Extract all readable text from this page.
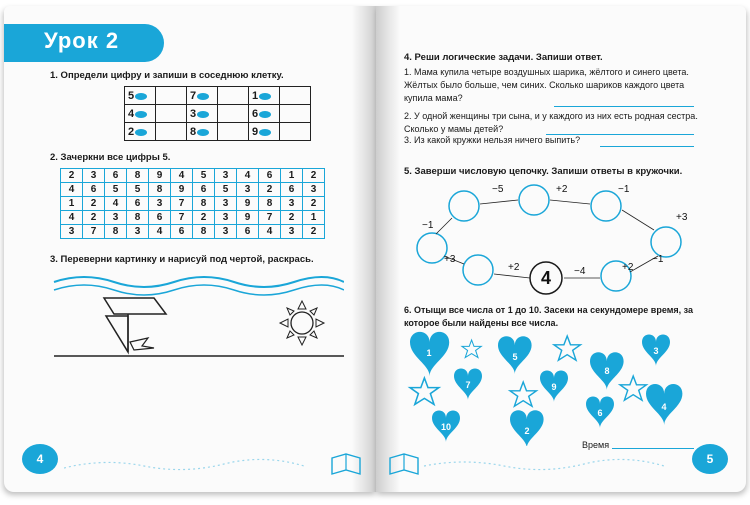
Урок 2
1. Определи цифру и запиши в соседнюю клетку.
5		7		1

4		3		6

2		8		9

2. Зачеркни все цифры 5.
2	3	6	8	9	4	5	3	4	6	1	2
4	6	5	5	8	9	6	5	3	2	6	3
1	2	4	6	3	7	8	3	9	8	3	2
4	2	3	8	6	7	2	3	9	7	2	1
3	7	8	3	4	6	8	3	6	4	3	2
3. Переверни картинку и нарисуй под чертой, раскрась.
4
4. Реши логические задачи. Запиши ответ.
1. Мама купила четыре воздушных шарика, жёлтого и синего цвета. Жёлтых было больше, чем синих. Сколько шариков каждого цвета купила мама?
2. У одной женщины три сына, и у каждого из них есть родная сестра. Сколько у мамы детей?
3. Из какой кружки нельзя ничего выпить?
5. Заверши числовую цепочку. Запиши ответы в кружочки.
4 −4	+2
+2
−1
+3
−1
+2
−5
−1
+3
6. Отыщи все числа от 1 до 10. Засеки на секундомере время, за которое были найдены все числа.
1	5
3
8
7	9
4
6
10	2
Время
5
